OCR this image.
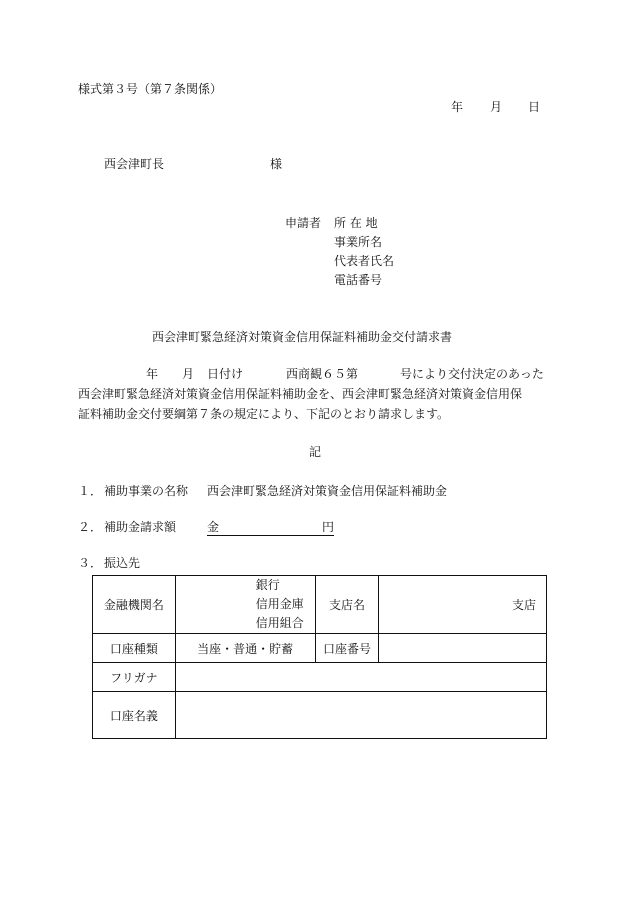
様式第３号（第７条関係）
年 月 日
西会津町長	様
申請者 所 在 地
事業所名
代表者氏名
電話番号
西会津町緊急経済対策資金信用保証料補助金交付請求書
年 月 日付け	西商観６５第	号により交付決定のあった
西会津町緊急経済対策資金信用保証料補助金を、西会津町緊急経済対策資金信用保
証料補助金交付要綱第７条の規定により、下記のとおり請求します。
記
１． 補助事業の名称 西会津町緊急経済対策資金信用保証料補助金
２． 補助金請求額	金	円
３． 振込先
金融機関名	銀行
信用金庫
信用組合	支店名	支店
口座種類	当座・普通・貯蓄	口座番号	
フリガナ			
口座名義			
